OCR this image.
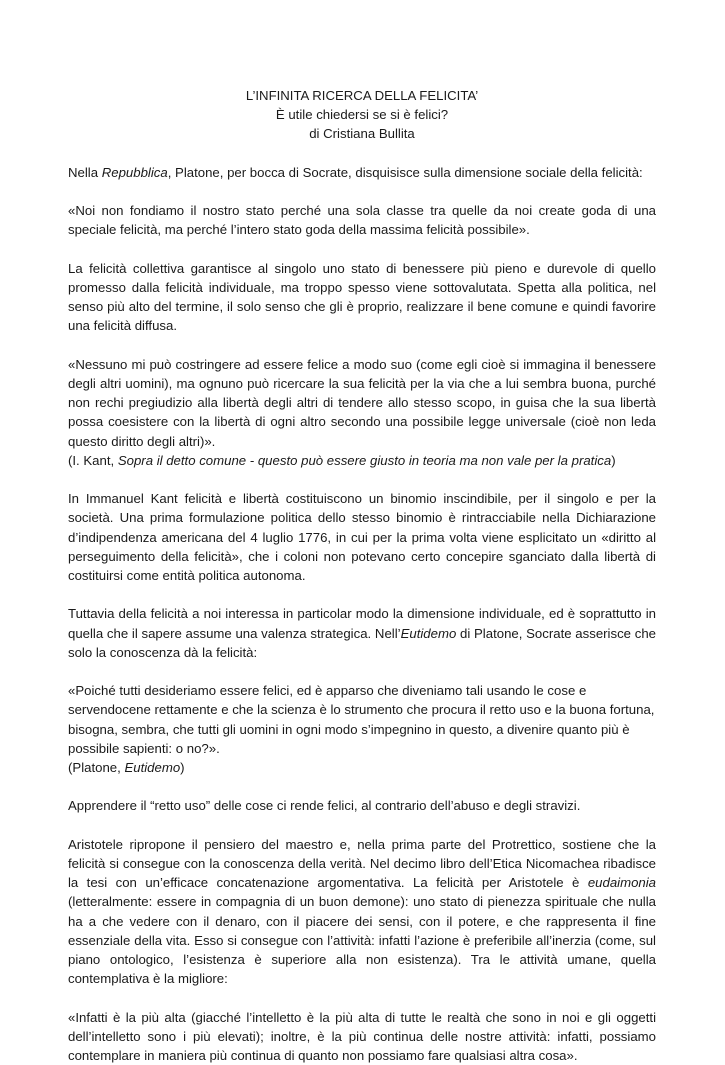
L’INFINITA RICERCA DELLA FELICITA’
È utile chiedersi se si è felici?
di Cristiana Bullita

Nella Repubblica, Platone, per bocca di Socrate, disquisisce sulla dimensione sociale della felicità:

«Noi non fondiamo il nostro stato perché una sola classe tra quelle da noi create goda di una speciale felicità, ma perché l’intero stato goda della massima felicità possibile».

La felicità collettiva garantisce al singolo uno stato di benessere più pieno e durevole di quello promesso dalla felicità individuale, ma troppo spesso viene sottovalutata. Spetta alla politica, nel senso più alto del termine, il solo senso che gli è proprio, realizzare il bene comune e quindi favorire una felicità diffusa.

«Nessuno mi può costringere ad essere felice a modo suo (come egli cioè si immagina il benessere degli altri uomini), ma ognuno può ricercare la sua felicità per la via che a lui sembra buona, purché non rechi pregiudizio alla libertà degli altri di tendere allo stesso scopo, in guisa che la sua libertà possa coesistere con la libertà di ogni altro secondo una possibile legge universale (cioè non leda questo diritto degli altri)».

(I. Kant, Sopra il detto comune - questo può essere giusto in teoria ma non vale per la pratica)

In Immanuel Kant felicità e libertà costituiscono un binomio inscindibile, per il singolo e per la società. Una prima formulazione politica dello stesso binomio è rintracciabile nella Dichiarazione d’indipendenza americana del 4 luglio 1776, in cui per la prima volta viene esplicitato un «diritto al perseguimento della felicità», che i coloni non potevano certo concepire sganciato dalla libertà di costituirsi come entità politica autonoma.

Tuttavia della felicità a noi interessa in particolar modo la dimensione individuale, ed è soprattutto in quella che il sapere assume una valenza strategica. Nell’Eutidemo di Platone, Socrate asserisce che solo la conoscenza dà la felicità:

«Poiché tutti desideriamo essere felici, ed è apparso che diveniamo tali usando le cose e servendocene rettamente e che la scienza è lo strumento che procura il retto uso e la buona fortuna, bisogna, sembra, che tutti gli uomini in ogni modo s’impegnino in questo, a divenire quanto più è possibile sapienti: o no?».

(Platone, Eutidemo)

Apprendere il “retto uso” delle cose ci rende felici, al contrario dell’abuso e degli stravizi.

Aristotele ripropone il pensiero del maestro e, nella prima parte del Protrettico, sostiene che la felicità si consegue con la conoscenza della verità. Nel decimo libro dell’Etica Nicomachea ribadisce la tesi con un’efficace concatenazione argomentativa. La felicità per Aristotele è eudaimonia (letteralmente: essere in compagnia di un buon demone): uno stato di pienezza spirituale che nulla ha a che vedere con il denaro, con il piacere dei sensi, con il potere, e che rappresenta il fine essenziale della vita. Esso si consegue con l’attività: infatti l’azione è preferibile all’inerzia (come, sul piano ontologico, l’esistenza è superiore alla non esistenza). Tra le attività umane, quella contemplativa è la migliore:

«Infatti è la più alta (giacché l’intelletto è la più alta di tutte le realtà che sono in noi e gli oggetti dell’intelletto sono i più elevati); inoltre, è la più continua delle nostre attività: infatti, possiamo contemplare in maniera più continua di quanto non possiamo fare qualsiasi altra cosa».
